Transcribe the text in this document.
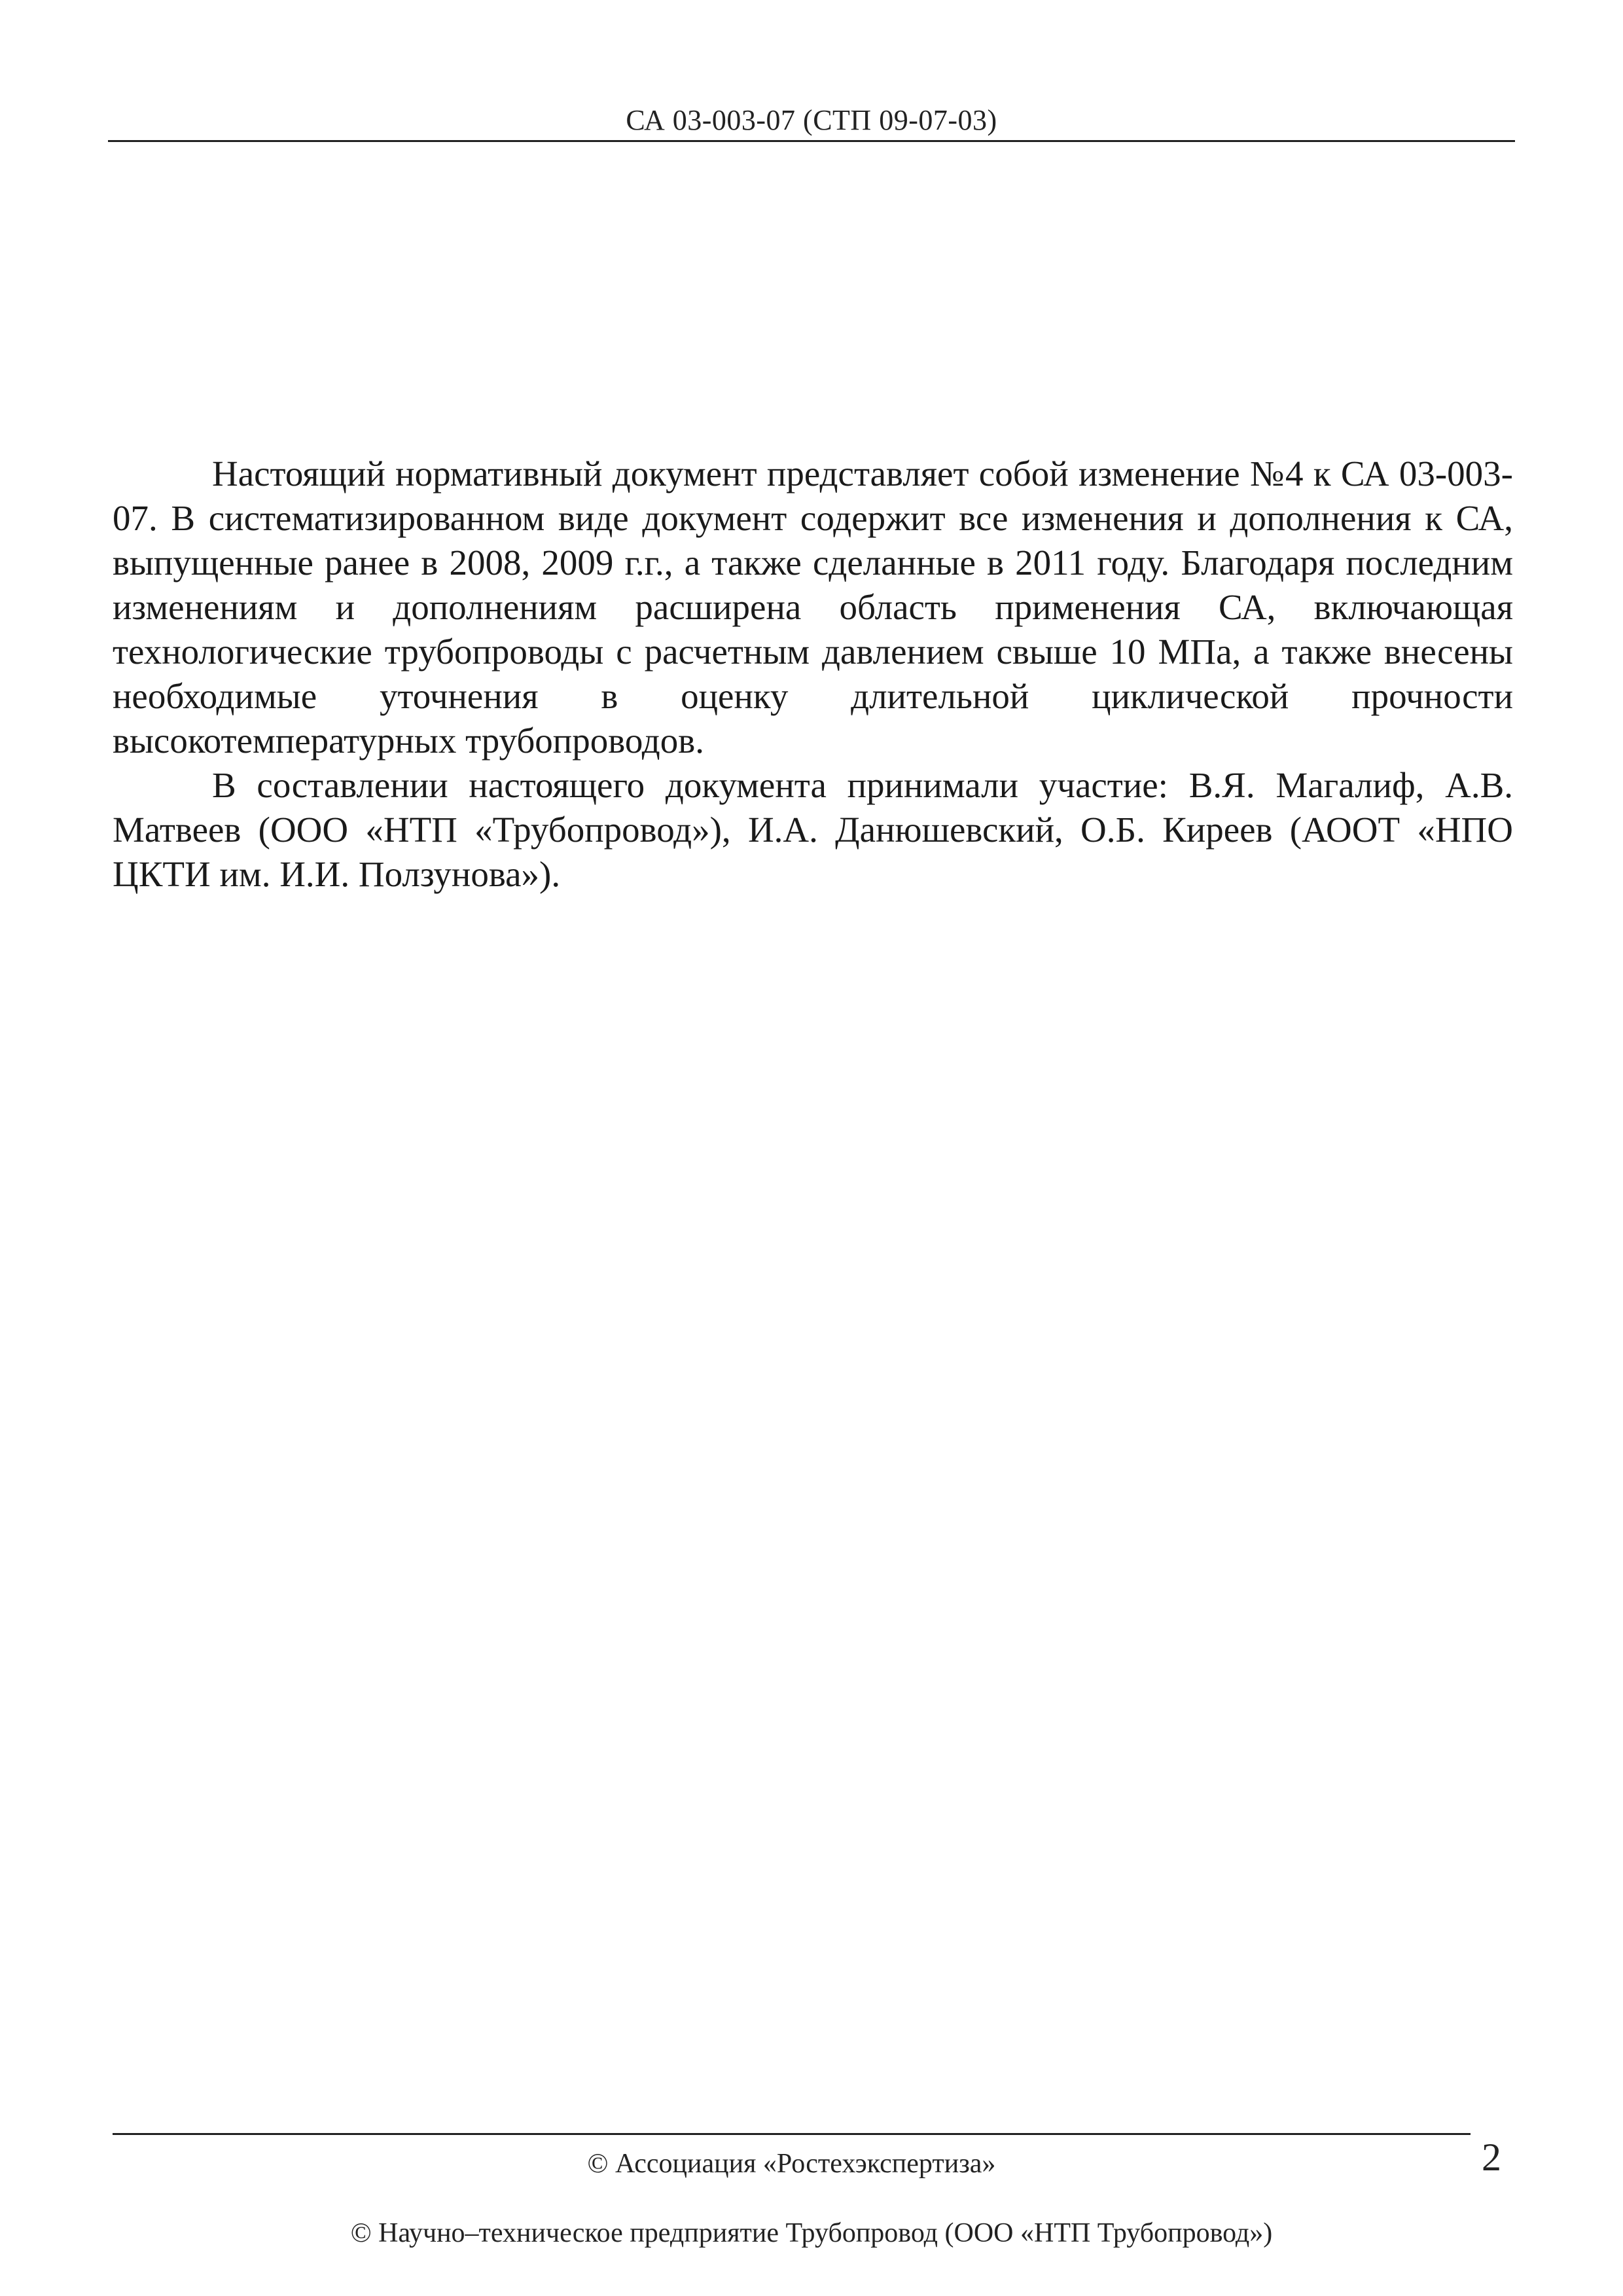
СА 03-003-07 (СТП 09-07-03)

Настоящий нормативный документ представляет собой изменение №4 к СА 03-003-07. В систематизированном виде документ содержит все изменения и дополнения к СА, выпущенные ранее в 2008, 2009 г.г., а также сделанные в 2011 году. Благодаря последним изменениям и дополнениям расширена область применения СА, включающая технологические трубопроводы с расчетным давлением свыше 10 МПа, а также внесены необходимые уточнения в оценку длительной циклической прочности высокотемпературных трубопроводов.

В составлении настоящего документа принимали участие: В.Я. Магалиф, А.В. Матвеев (ООО «НТП «Трубопровод»), И.А. Данюшевский, О.Б. Киреев (АООТ «НПО ЦКТИ им. И.И. Ползунова»).

© Ассоциация «Ростехэкспертиза»	2
© Научно–техническое предприятие Трубопровод (ООО «НТП Трубопровод»)
